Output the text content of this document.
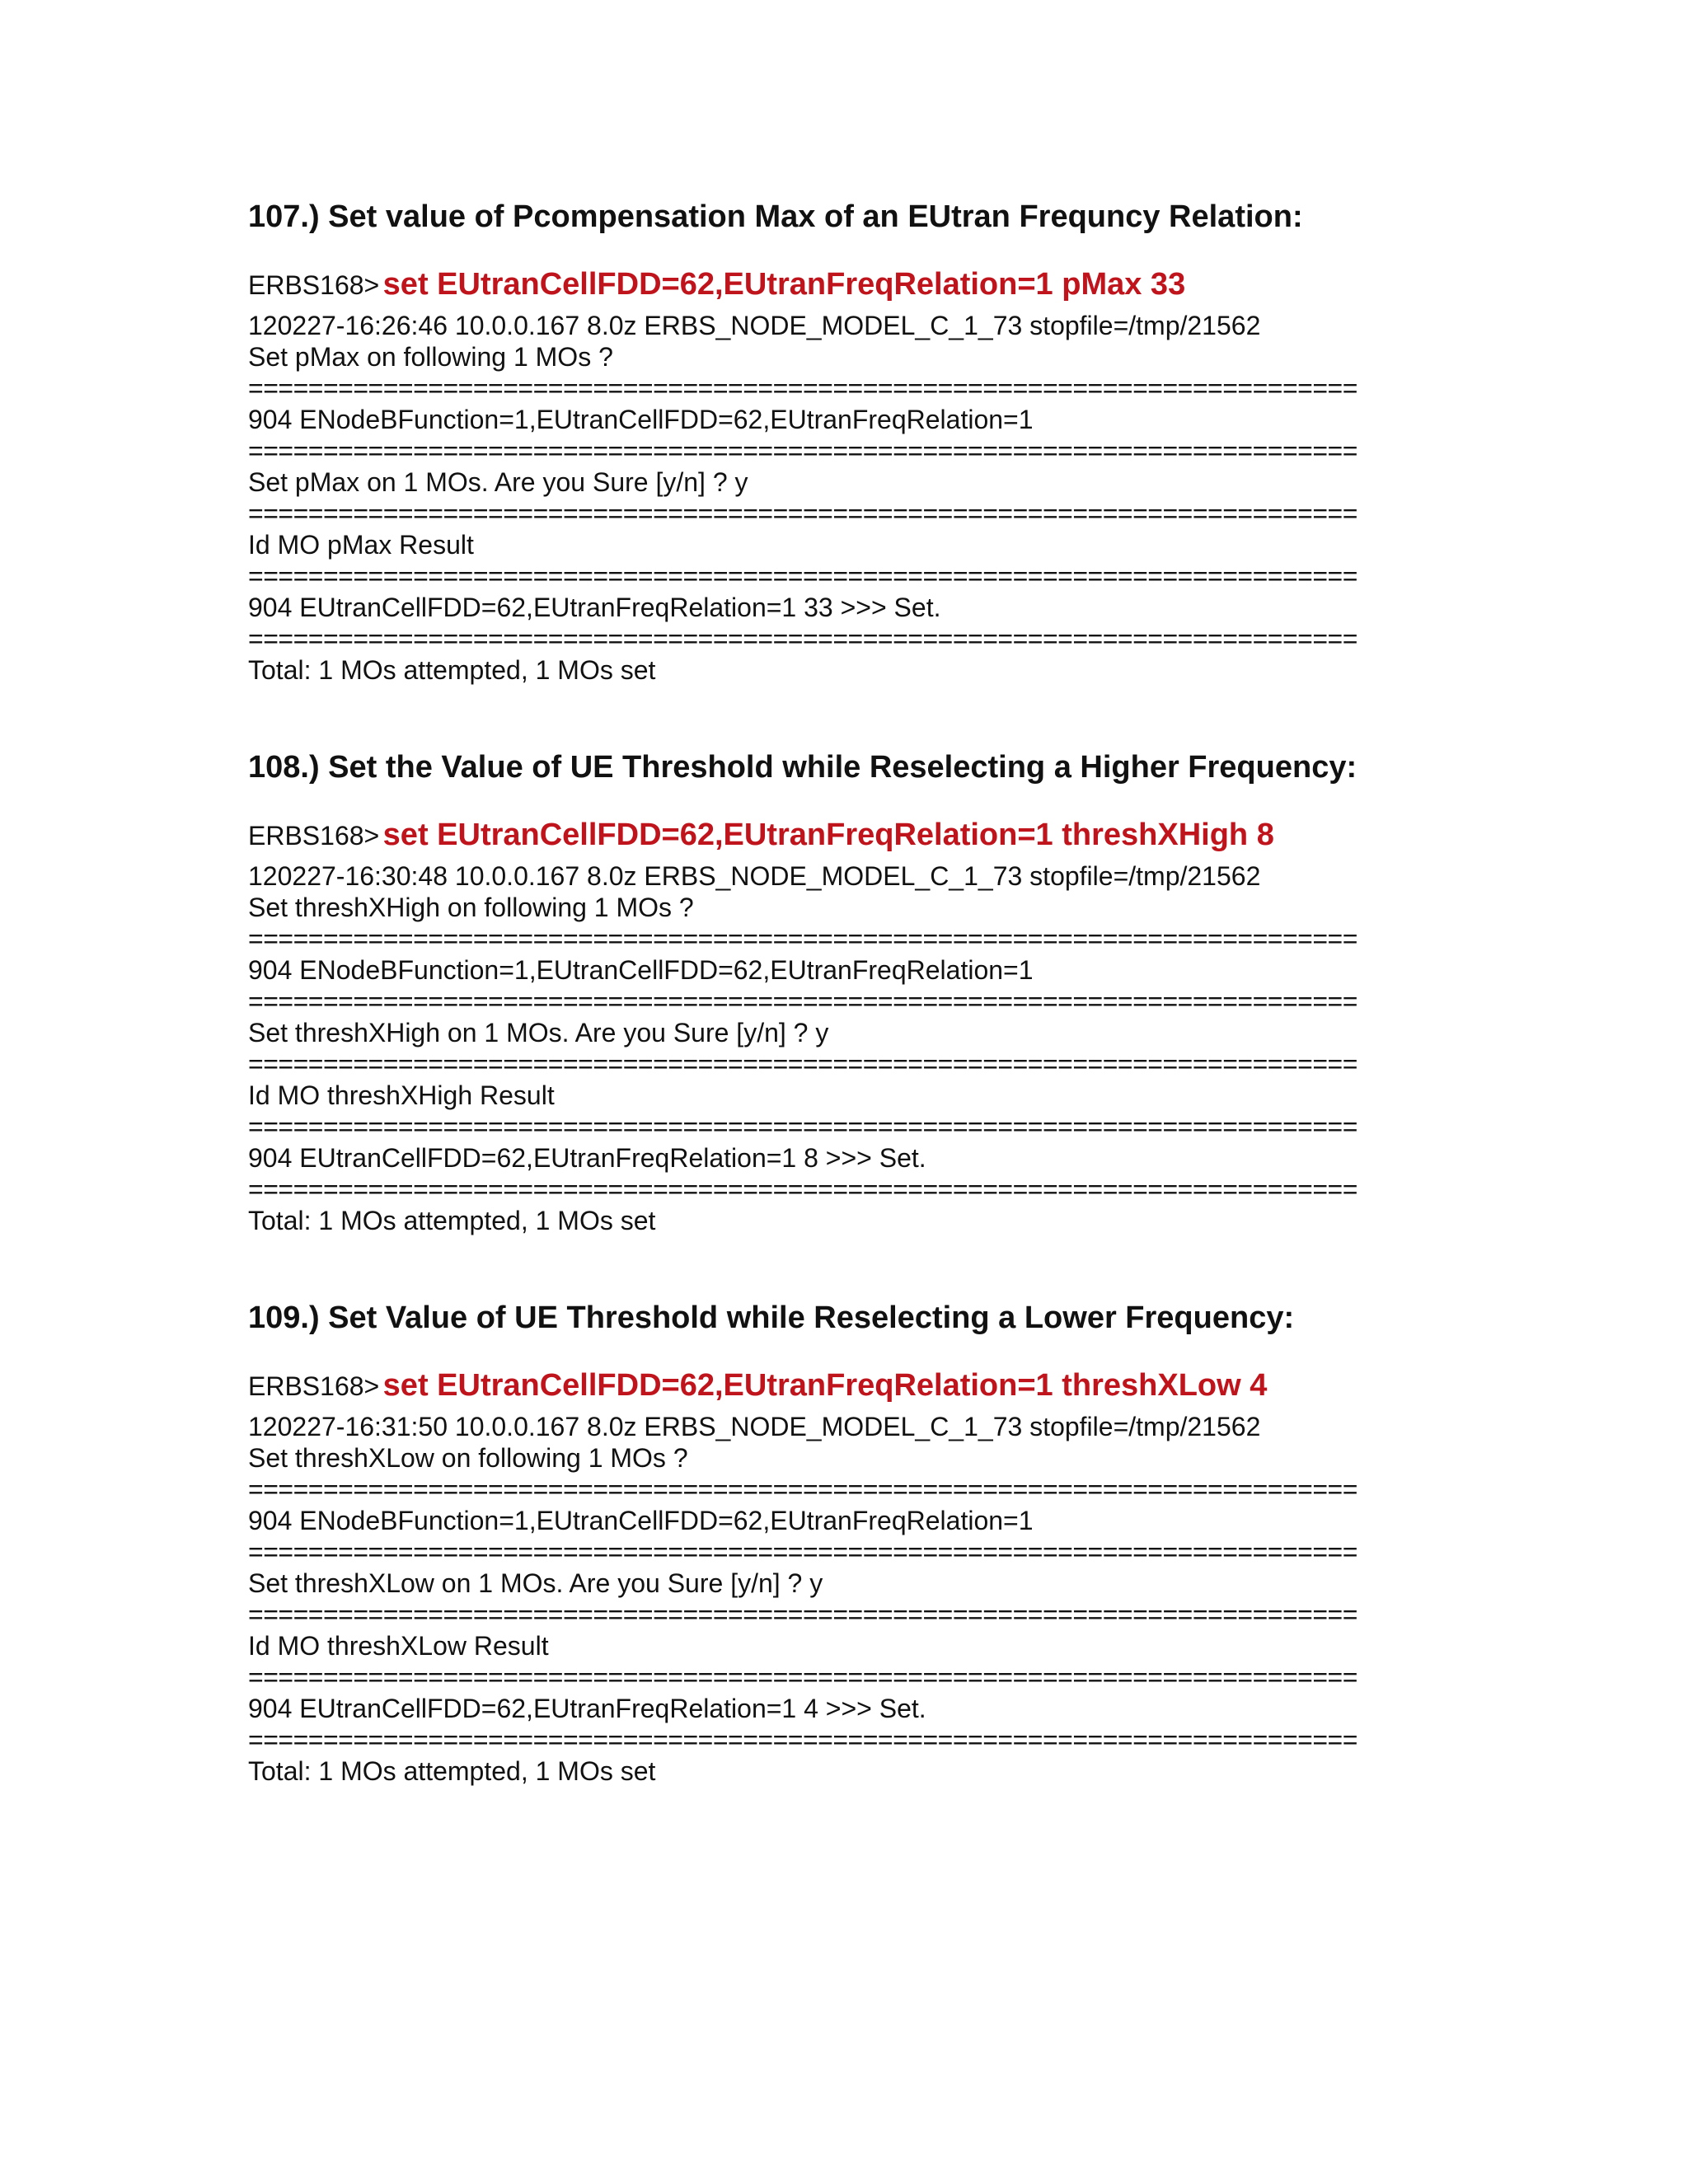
107.) Set value of Pcompensation Max of an EUtran Frequncy Relation:
ERBS168> set EUtranCellFDD=62,EUtranFreqRelation=1 pMax 33
120227-16:26:46 10.0.0.167 8.0z ERBS_NODE_MODEL_C_1_73 stopfile=/tmp/21562
Set pMax on following 1 MOs ?
==========================================================================
904 ENodeBFunction=1,EUtranCellFDD=62,EUtranFreqRelation=1
==========================================================================
Set pMax on 1 MOs. Are you Sure [y/n] ? y
==========================================================================
Id MO pMax Result
==========================================================================
904 EUtranCellFDD=62,EUtranFreqRelation=1 33 >>> Set.
==========================================================================
Total: 1 MOs attempted, 1 MOs set
108.) Set the Value of UE Threshold while Reselecting a Higher Frequency:
ERBS168> set EUtranCellFDD=62,EUtranFreqRelation=1 threshXHigh 8
120227-16:30:48 10.0.0.167 8.0z ERBS_NODE_MODEL_C_1_73 stopfile=/tmp/21562
Set threshXHigh on following 1 MOs ?
==========================================================================
904 ENodeBFunction=1,EUtranCellFDD=62,EUtranFreqRelation=1
==========================================================================
Set threshXHigh on 1 MOs. Are you Sure [y/n] ? y
==========================================================================
Id MO threshXHigh Result
==========================================================================
904 EUtranCellFDD=62,EUtranFreqRelation=1 8 >>> Set.
==========================================================================
Total: 1 MOs attempted, 1 MOs set
109.) Set Value of UE Threshold while Reselecting a Lower Frequency:
ERBS168> set EUtranCellFDD=62,EUtranFreqRelation=1 threshXLow 4
120227-16:31:50 10.0.0.167 8.0z ERBS_NODE_MODEL_C_1_73 stopfile=/tmp/21562
Set threshXLow on following 1 MOs ?
==========================================================================
904 ENodeBFunction=1,EUtranCellFDD=62,EUtranFreqRelation=1
==========================================================================
Set threshXLow on 1 MOs. Are you Sure [y/n] ? y
==========================================================================
Id MO threshXLow Result
==========================================================================
904 EUtranCellFDD=62,EUtranFreqRelation=1 4 >>> Set.
==========================================================================
Total: 1 MOs attempted, 1 MOs set
